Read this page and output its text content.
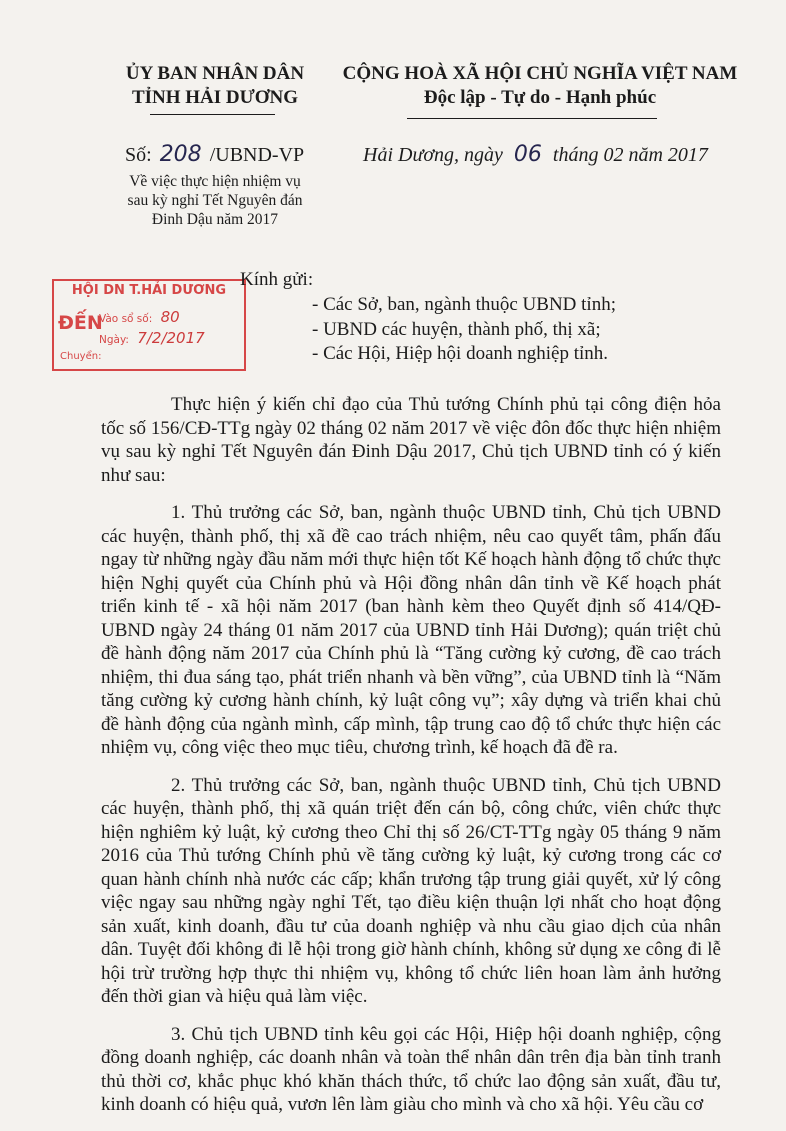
ỦY BAN NHÂN DÂN
TỈNH HẢI DƯƠNG
CỘNG HOÀ XÃ HỘI CHỦ NGHĨA VIỆT NAM
Độc lập - Tự do - Hạnh phúc
Số: 208 /UBND-VP	Hải Dương, ngày 06 tháng 02 năm 2017
Về việc thực hiện nhiệm vụ
sau kỳ nghỉ Tết Nguyên đán
Đinh Dậu năm 2017
HỘI DN T.HẢI DƯƠNG
ĐẾN
Vào sổ số: 80
Ngày: 7/2/2017
Chuyển:
Kính gửi:
- Các Sở, ban, ngành thuộc UBND tỉnh;
- UBND các huyện, thành phố, thị xã;
- Các Hội, Hiệp hội doanh nghiệp tỉnh.

Thực hiện ý kiến chỉ đạo của Thủ tướng Chính phủ tại công điện hỏa tốc số 156/CĐ-TTg ngày 02 tháng 02 năm 2017 về việc đôn đốc thực hiện nhiệm vụ sau kỳ nghỉ Tết Nguyên đán Đinh Dậu 2017, Chủ tịch UBND tỉnh có ý kiến như sau:

1. Thủ trưởng các Sở, ban, ngành thuộc UBND tỉnh, Chủ tịch UBND các huyện, thành phố, thị xã đề cao trách nhiệm, nêu cao quyết tâm, phấn đấu ngay từ những ngày đầu năm mới thực hiện tốt Kế hoạch hành động tổ chức thực hiện Nghị quyết của Chính phủ và Hội đồng nhân dân tỉnh về Kế hoạch phát triển kinh tế - xã hội năm 2017 (ban hành kèm theo Quyết định số 414/QĐ-UBND ngày 24 tháng 01 năm 2017 của UBND tỉnh Hải Dương); quán triệt chủ đề hành động năm 2017 của Chính phủ là “Tăng cường kỷ cương, đề cao trách nhiệm, thi đua sáng tạo, phát triển nhanh và bền vững”, của UBND tỉnh là “Năm tăng cường kỷ cương hành chính, kỷ luật công vụ”; xây dựng và triển khai chủ đề hành động của ngành mình, cấp mình, tập trung cao độ tổ chức thực hiện các nhiệm vụ, công việc theo mục tiêu, chương trình, kế hoạch đã đề ra.

2. Thủ trưởng các Sở, ban, ngành thuộc UBND tỉnh, Chủ tịch UBND các huyện, thành phố, thị xã quán triệt đến cán bộ, công chức, viên chức thực hiện nghiêm kỷ luật, kỷ cương theo Chỉ thị số 26/CT-TTg ngày 05 tháng 9 năm 2016 của Thủ tướng Chính phủ về tăng cường kỷ luật, kỷ cương trong các cơ quan hành chính nhà nước các cấp; khẩn trương tập trung giải quyết, xử lý công việc ngay sau những ngày nghỉ Tết, tạo điều kiện thuận lợi nhất cho hoạt động sản xuất, kinh doanh, đầu tư của doanh nghiệp và nhu cầu giao dịch của nhân dân. Tuyệt đối không đi lễ hội trong giờ hành chính, không sử dụng xe công đi lễ hội trừ trường hợp thực thi nhiệm vụ, không tổ chức liên hoan làm ảnh hưởng đến thời gian và hiệu quả làm việc.

3. Chủ tịch UBND tỉnh kêu gọi các Hội, Hiệp hội doanh nghiệp, cộng đồng doanh nghiệp, các doanh nhân và toàn thể nhân dân trên địa bàn tỉnh tranh thủ thời cơ, khắc phục khó khăn thách thức, tổ chức lao động sản xuất, đầu tư, kinh doanh có hiệu quả, vươn lên làm giàu cho mình và cho xã hội. Yêu cầu cơ
